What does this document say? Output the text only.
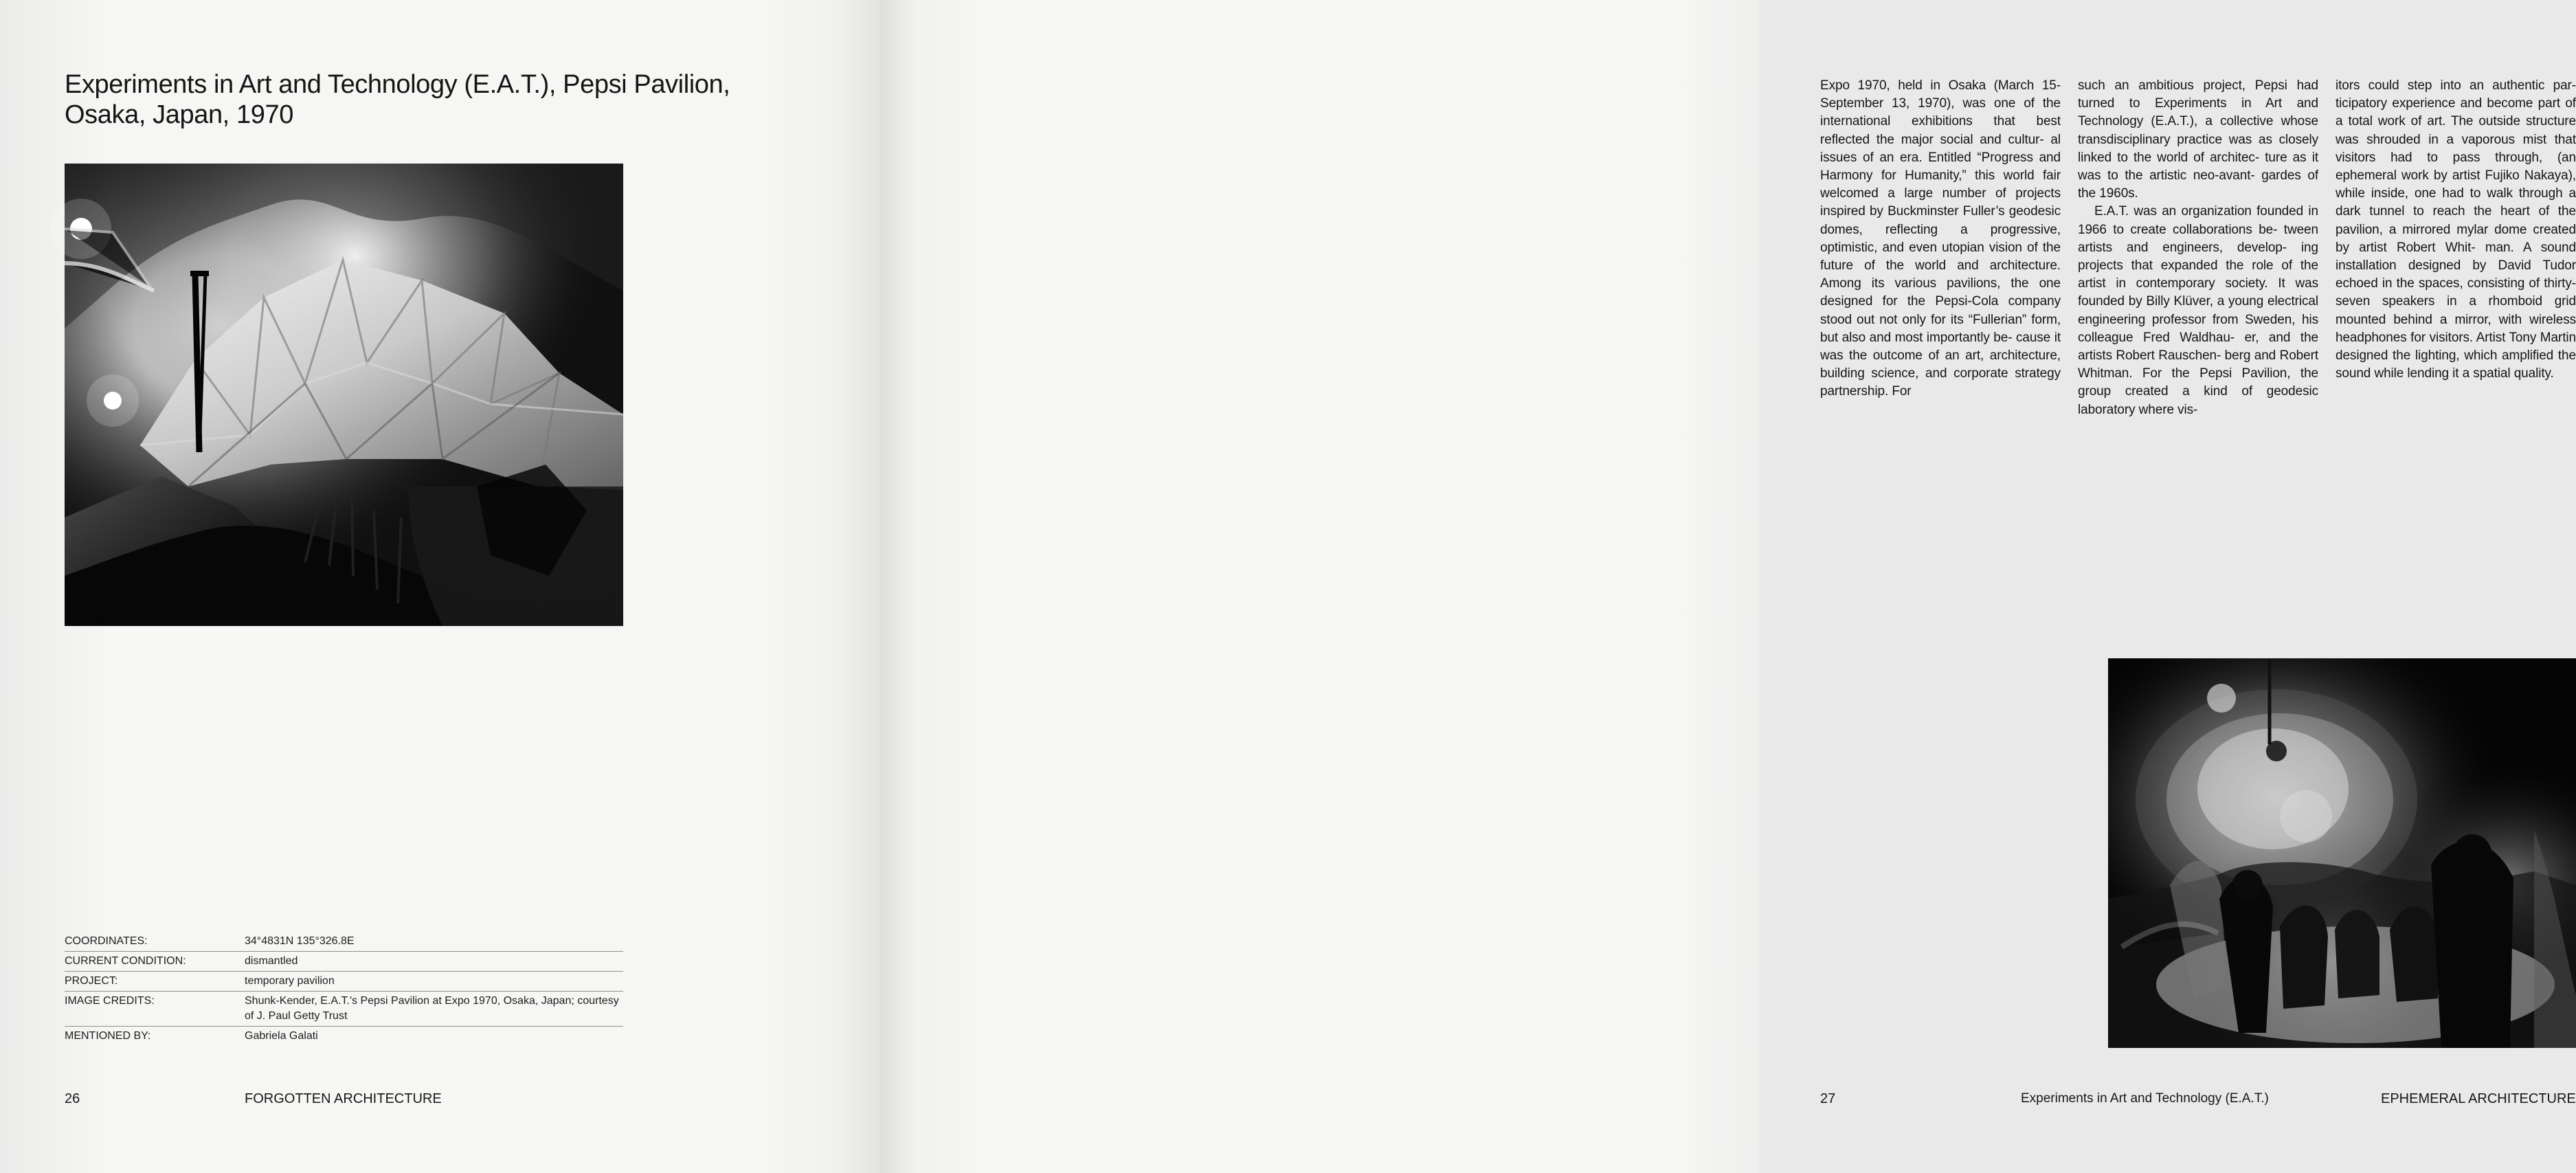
Experiments in Art and Technology (E.A.T.), Pepsi Pavilion,
Osaka, Japan, 1970
COORDINATES:	34°4831N 135°326.8E
CURRENT CONDITION:	dismantled
PROJECT:	temporary pavilion
IMAGE CREDITS:	Shunk-Kender, E.A.T.'s Pepsi Pavilion at Expo 1970, Osaka, Japan; courtesy of J. Paul Getty Trust
MENTIONED BY:	Gabriela Galati
26	FORGOTTEN ARCHITECTURE

Expo 1970, held in Osaka (March 15-September 13, 1970), was one of the international exhibitions that best reflected the major social and cultur- al issues of an era. Entitled “Progress and Harmony for Humanity,” this world fair welcomed a large number of projects inspired by Buckminster Fuller’s geodesic domes, reflecting a progressive, optimistic, and even utopian vision of the future of the world and architecture. Among its various pavilions, the one designed for the Pepsi-Cola company stood out not only for its “Fullerian” form, but also and most importantly be- cause it was the outcome of an art, architecture, building science, and corporate strategy partnership. For

such an ambitious project, Pepsi had turned to Experiments in Art and Technology (E.A.T.), a collective whose transdisciplinary practice was as closely linked to the world of architec- ture as it was to the artistic neo-avant- gardes of the 1960s.

E.A.T. was an organization founded in 1966 to create collaborations be- tween artists and engineers, develop- ing projects that expanded the role of the artist in contemporary society. It was founded by Billy Klüver, a young electrical engineering professor from Sweden, his colleague Fred Waldhau- er, and the artists Robert Rauschen- berg and Robert Whitman. For the Pepsi Pavilion, the group created a kind of geodesic laboratory where vis-

itors could step into an authentic par- ticipatory experience and become part of a total work of art. The outside structure was shrouded in a vaporous mist that visitors had to pass through, (an ephemeral work by artist Fujiko Nakaya), while inside, one had to walk through a dark tunnel to reach the heart of the pavilion, a mirrored mylar dome created by artist Robert Whit- man. A sound installation designed by David Tudor echoed in the spaces, consisting of thirty-seven speakers in a rhomboid grid mounted behind a mirror, with wireless headphones for visitors. Artist Tony Martin designed the lighting, which amplified the sound while lending it a spatial quality.

27	Experiments in Art and Technology (E.A.T.)	EPHEMERAL ARCHITECTURE
